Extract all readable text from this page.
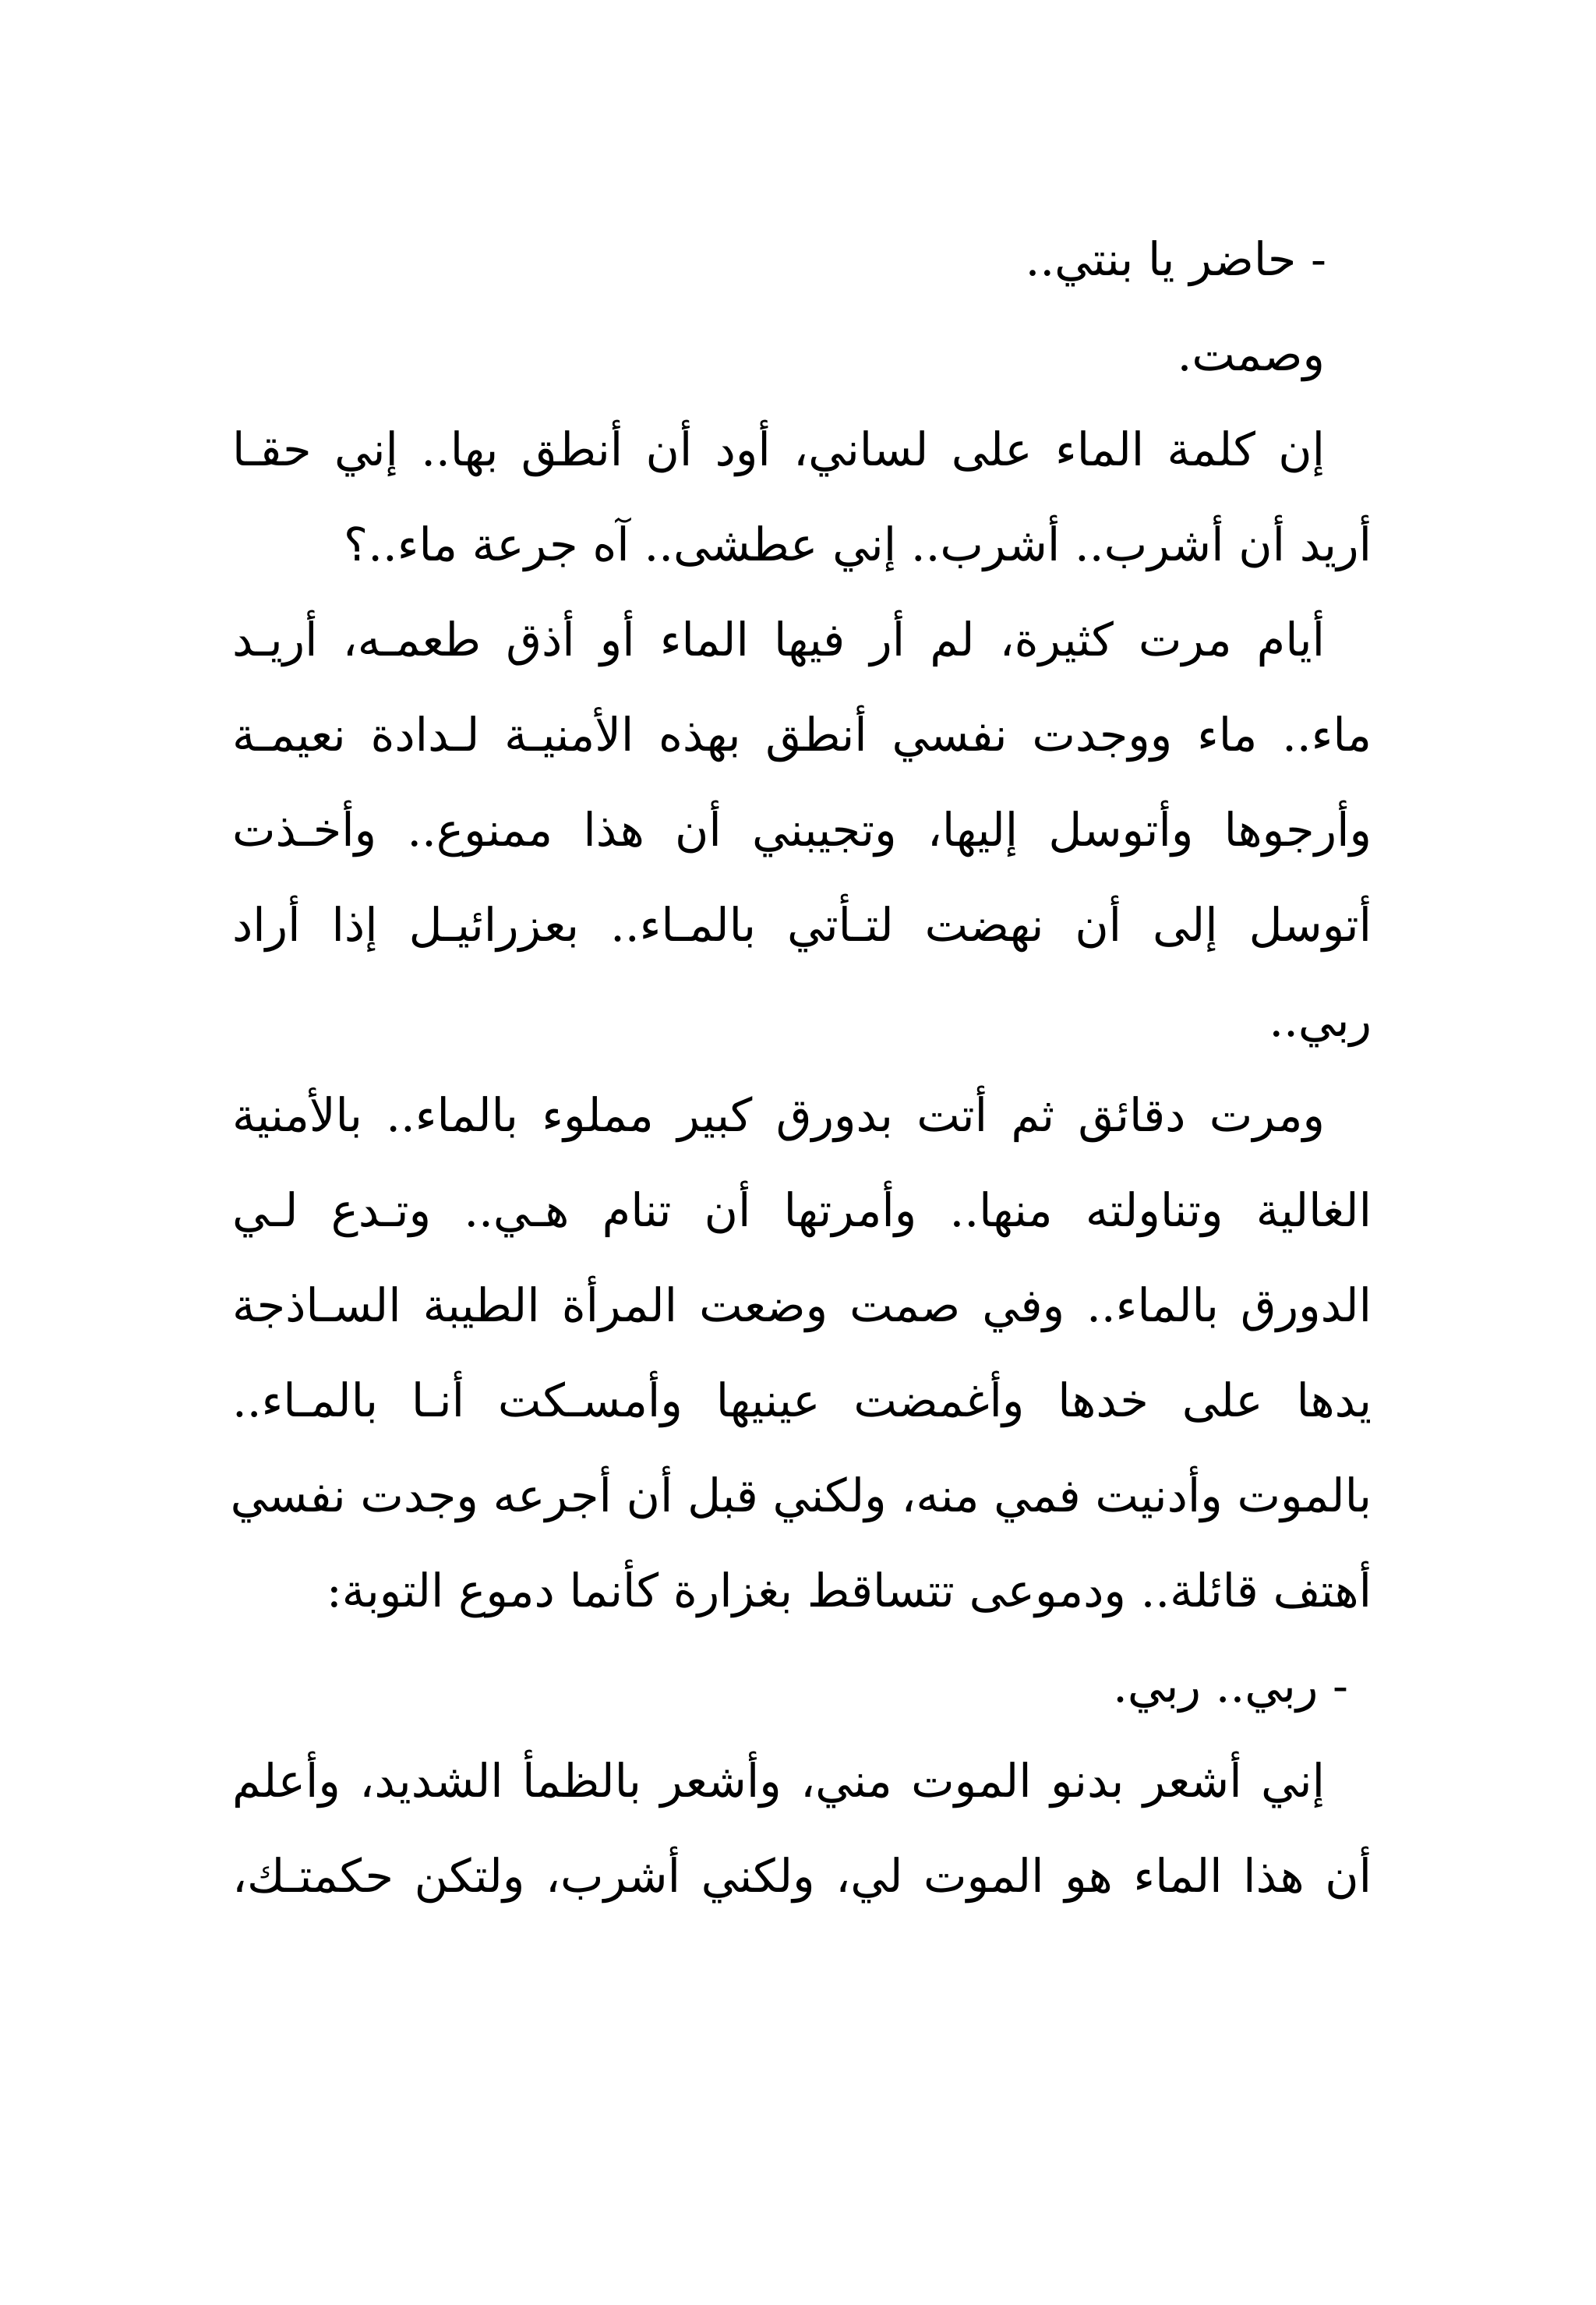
- حاضر يا بنتي..
وصمت.
إن كلمة الماء على لساني، أود أن أنطق بها.. إني حقـا
أريد أن أشرب.. أشرب.. إني عطشى.. آه جرعة ماء..؟
أيام مرت كثيرة، لم أر فيها الماء أو أذق طعمـه، أريـد
ماء.. ماء ووجدت نفسي أنطق بهذه الأمنيـة لـدادة نعيمـة
وأرجوها وأتوسل إليها، وتجيبني أن هذا ممنوع.. وأخـذت
أتوسل إلى أن نهضت لتـأتي بالمـاء.. بعزرائيـل إذا أراد
ربي..
ومرت دقائق ثم أتت بدورق كبير مملوء بالماء.. بالأمنية
الغالية وتناولته منها.. وأمرتها أن تنام هـي.. وتـدع لـي
الدورق بالماء.. وفي صمت وضعت المرأة الطيبة السـاذجة
يدها على خدها وأغمضت عينيها وأمسـكت أنـا بالمـاء..
بالموت وأدنيت فمي منه، ولكني قبل أن أجرعه وجدت نفسي
أهتف قائلة.. ودموعى تتساقط بغزارة كأنما دموع التوبة:
- ربي.. ربي.
إني أشعر بدنو الموت مني، وأشعر بالظمأ الشديد، وأعلم
أن هذا الماء هو الموت لي، ولكني أشرب، ولتكن حكمتـك،
